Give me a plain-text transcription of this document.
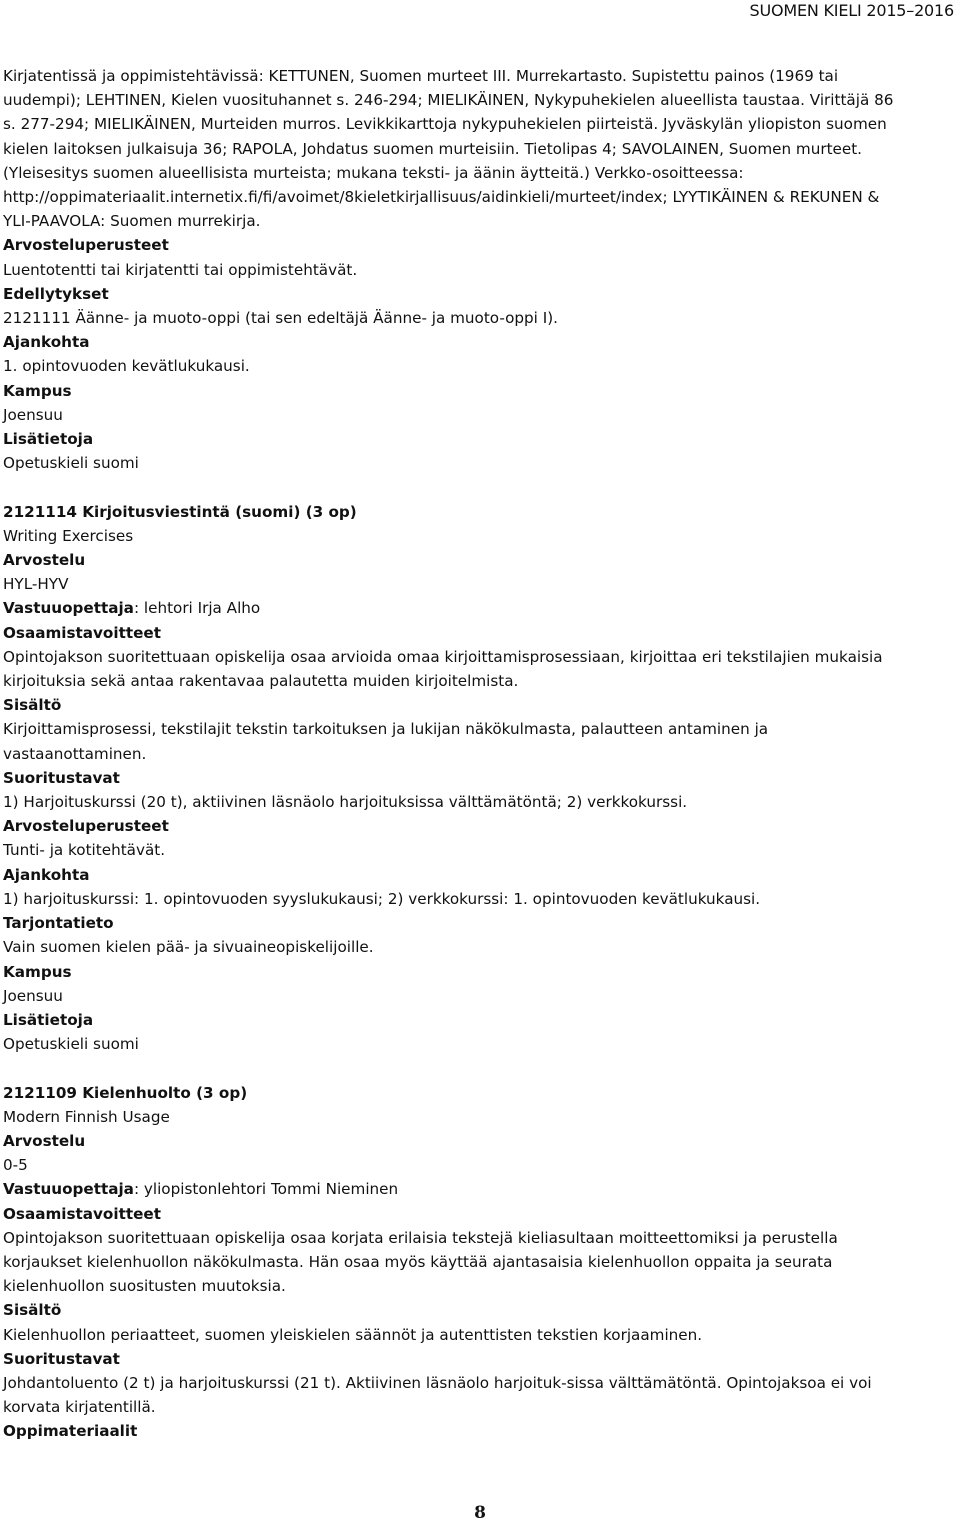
SUOMEN KIELI 2015–2016
Kirjatentissä ja oppimistehtävissä: KETTUNEN, Suomen murteet III. Murrekartasto. Supistettu painos (1969 tai
uudempi); LEHTINEN, Kielen vuosituhannet s. 246-294; MIELIKÄINEN, Nykypuhekielen alueellista taustaa. Virittäjä 86
s. 277-294; MIELIKÄINEN, Murteiden murros. Levikkikarttoja nykypuhekielen piirteistä. Jyväskylän yliopiston suomen
kielen laitoksen julkaisuja 36; RAPOLA, Johdatus suomen murteisiin. Tietolipas 4; SAVOLAINEN, Suomen murteet.
(Yleisesitys suomen alueellisista murteista; mukana teksti- ja äänin äytteitä.) Verkko-osoitteessa:
http://oppimateriaalit.internetix.fi/fi/avoimet/8kieletkirjallisuus/aidinkieli/murteet/index; LYYTIKÄINEN & REKUNEN &
YLI-PAAVOLA: Suomen murrekirja.
Arvosteluperusteet
Luentotentti tai kirjatentti tai oppimistehtävät.
Edellytykset
2121111 Äänne- ja muoto-oppi (tai sen edeltäjä Äänne- ja muoto-oppi I).
Ajankohta
1. opintovuoden kevätlukukausi.
Kampus
Joensuu
Lisätietoja
Opetuskieli suomi
2121114 Kirjoitusviestintä (suomi) (3 op)
Writing Exercises
Arvostelu
HYL-HYV
Vastuuopettaja: lehtori Irja Alho
Osaamistavoitteet
Opintojakson suoritettuaan opiskelija osaa arvioida omaa kirjoittamisprosessiaan, kirjoittaa eri tekstilajien mukaisia
kirjoituksia sekä antaa rakentavaa palautetta muiden kirjoitelmista.
Sisältö
Kirjoittamisprosessi, tekstilajit tekstin tarkoituksen ja lukijan näkökulmasta, palautteen antaminen ja
vastaanottaminen.
Suoritustavat
1) Harjoituskurssi (20 t), aktiivinen läsnäolo harjoituksissa välttämätöntä; 2) verkkokurssi.
Arvosteluperusteet
Tunti- ja kotitehtävät.
Ajankohta
1) harjoituskurssi: 1. opintovuoden syyslukukausi; 2) verkkokurssi: 1. opintovuoden kevätlukukausi.
Tarjontatieto
Vain suomen kielen pää- ja sivuaineopiskelijoille.
Kampus
Joensuu
Lisätietoja
Opetuskieli suomi
2121109 Kielenhuolto (3 op)
Modern Finnish Usage
Arvostelu
0-5
Vastuuopettaja: yliopistonlehtori Tommi Nieminen
Osaamistavoitteet
Opintojakson suoritettuaan opiskelija osaa korjata erilaisia tekstejä kieliasultaan moitteettomiksi ja perustella
korjaukset kielenhuollon näkökulmasta. Hän osaa myös käyttää ajantasaisia kielenhuollon oppaita ja seurata
kielenhuollon suositusten muutoksia.
Sisältö
Kielenhuollon periaatteet, suomen yleiskielen säännöt ja autenttisten tekstien korjaaminen.
Suoritustavat
Johdantoluento (2 t) ja harjoituskurssi (21 t). Aktiivinen läsnäolo harjoituk-sissa välttämätöntä. Opintojaksoa ei voi
korvata kirjatentillä.
Oppimateriaalit
8
